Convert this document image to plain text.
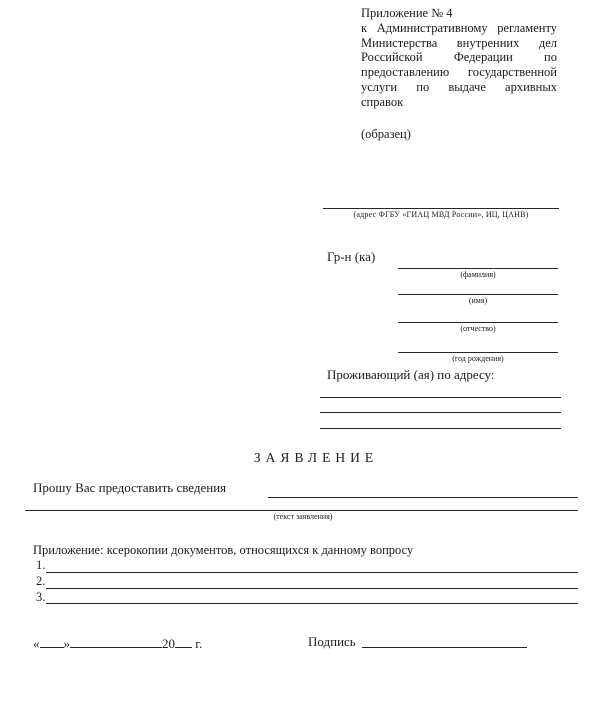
Приложение № 4
к Административному регламенту
Министерства внутренних дел
Российской Федерации по
предоставлению государственной
услуги по выдаче архивных
справок
(образец)
(адрес ФГБУ «ГИАЦ МВД России», ИЦ, ЦАНВ)
Гр-н (ка)
(фамилия)
(имя)
(отчество)
(год рождения)
Проживающий (ая) по адресу:
ЗАЯВЛЕНИЕ
Прошу Вас предоставить сведения
(текст заявления)
Приложение: ксерокопии документов, относящихся к данному вопросу
1.
2.
3.
« »	20 г.	Подпись
